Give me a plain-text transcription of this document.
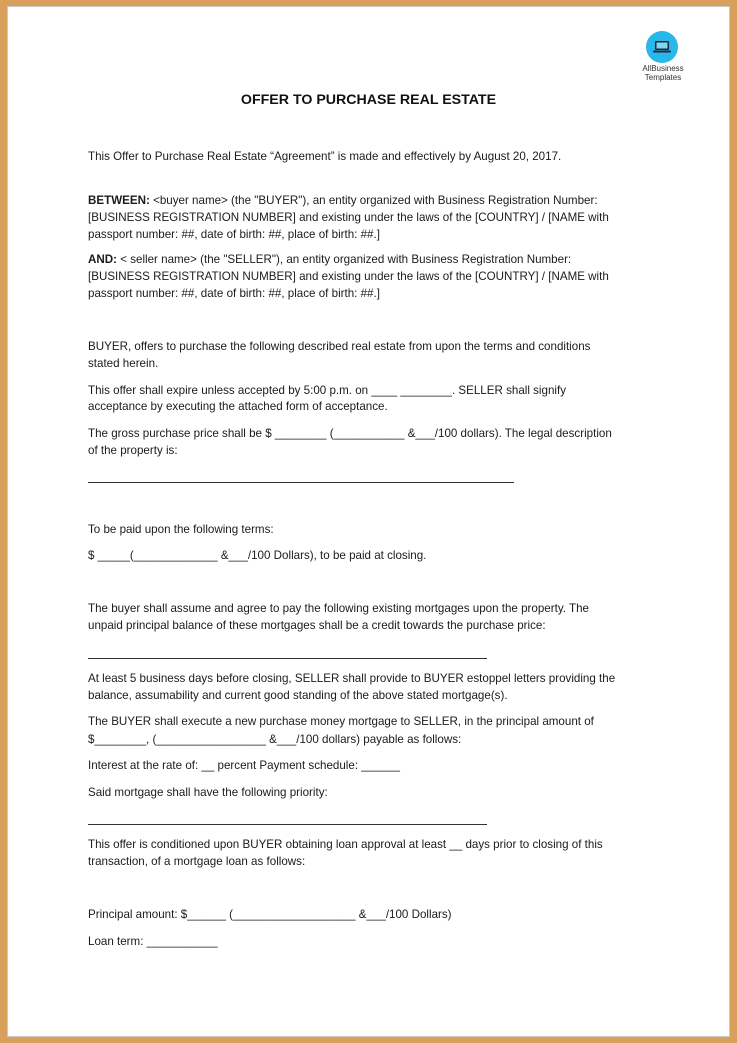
AllBusiness
Templates
OFFER TO PURCHASE REAL ESTATE
This Offer to Purchase Real Estate “Agreement” is made and effectively by August 20, 2017.
BETWEEN: <buyer name> (the "BUYER"), an entity organized with Business Registration Number:
[BUSINESS REGISTRATION NUMBER] and existing under the laws of the [COUNTRY] / [NAME with
passport number: ##, date of birth: ##, place of birth: ##.]
AND: < seller name> (the "SELLER"), an entity organized with Business Registration Number:
[BUSINESS REGISTRATION NUMBER] and existing under the laws of the [COUNTRY] / [NAME with
passport number: ##, date of birth: ##, place of birth: ##.]
BUYER, offers to purchase the following described real estate from upon the terms and conditions
stated herein.
This offer shall expire unless accepted by 5:00 p.m. on ____ ________. SELLER shall signify
acceptance by executing the attached form of acceptance.
The gross purchase price shall be $ ________ (___________ &___/100 dollars). The legal description
of the property is:
To be paid upon the following terms:
$ _____(_____________ &___/100 Dollars), to be paid at closing.
The buyer shall assume and agree to pay the following existing mortgages upon the property. The
unpaid principal balance of these mortgages shall be a credit towards the purchase price:
At least 5 business days before closing, SELLER shall provide to BUYER estoppel letters providing the
balance, assumability and current good standing of the above stated mortgage(s).
The BUYER shall execute a new purchase money mortgage to SELLER, in the principal amount of
$________, (_________________ &___/100 dollars) payable as follows:
Interest at the rate of: __ percent Payment schedule: ______
Said mortgage shall have the following priority:
This offer is conditioned upon BUYER obtaining loan approval at least __ days prior to closing of this
transaction, of a mortgage loan as follows:
Principal amount: $______ (___________________ &___/100 Dollars)
Loan term: ___________
